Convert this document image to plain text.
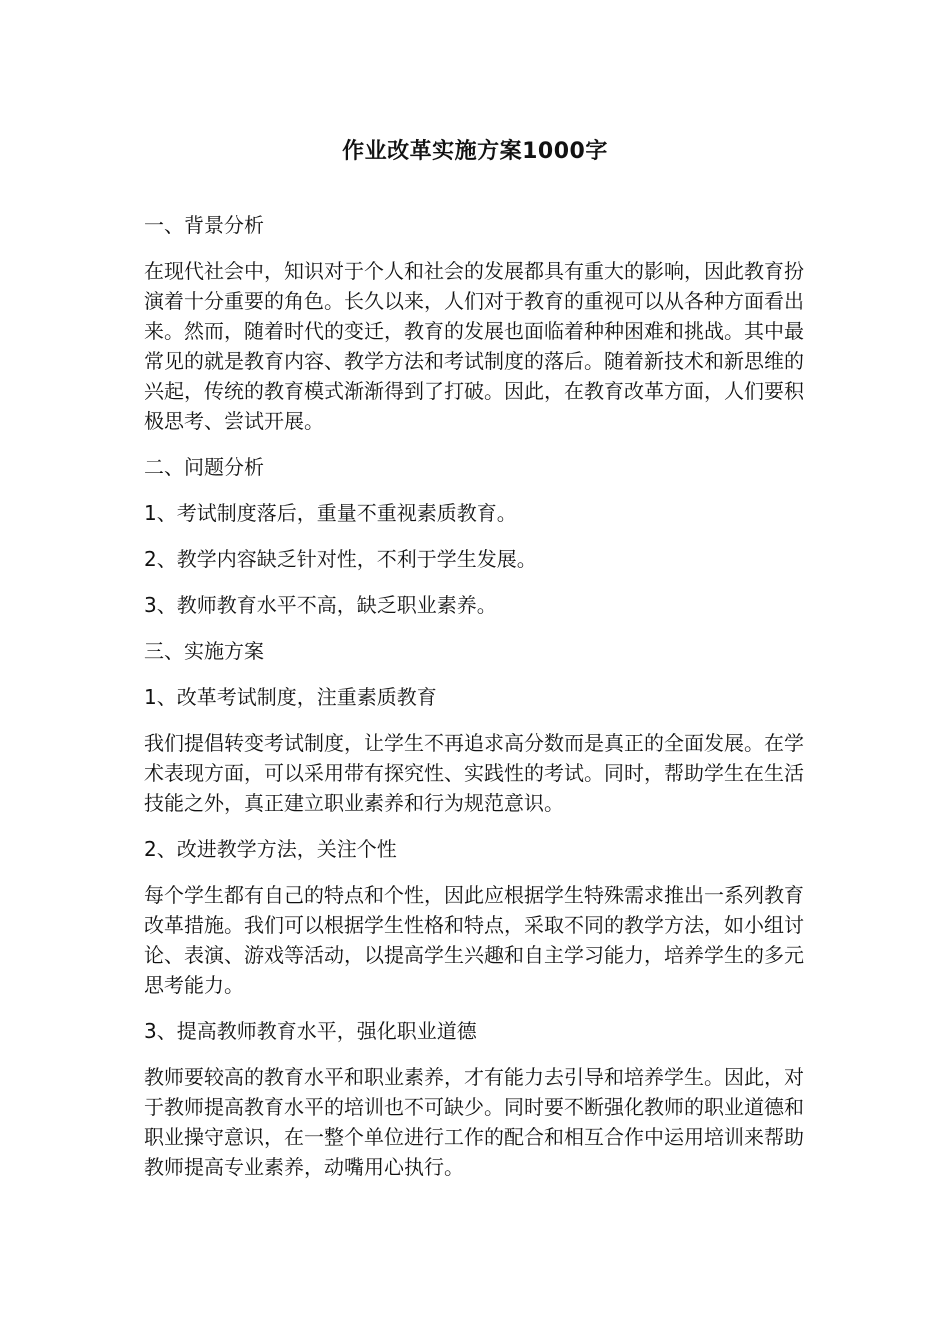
作业改革实施方案1000字

一、背景分析

在现代社会中，知识对于个人和社会的发展都具有重大的影响，因此教育扮演着十分重要的角色。长久以来，人们对于教育的重视可以从各种方面看出来。然而，随着时代的变迁，教育的发展也面临着种种困难和挑战。其中最常见的就是教育内容、教学方法和考试制度的落后。随着新技术和新思维的兴起，传统的教育模式渐渐得到了打破。因此，在教育改革方面，人们要积极思考、尝试开展。

二、问题分析

1、考试制度落后，重量不重视素质教育。

2、教学内容缺乏针对性，不利于学生发展。

3、教师教育水平不高，缺乏职业素养。

三、实施方案

1、改革考试制度，注重素质教育

我们提倡转变考试制度，让学生不再追求高分数而是真正的全面发展。在学术表现方面，可以采用带有探究性、实践性的考试。同时，帮助学生在生活技能之外，真正建立职业素养和行为规范意识。

2、改进教学方法，关注个性

每个学生都有自己的特点和个性，因此应根据学生特殊需求推出一系列教育改革措施。我们可以根据学生性格和特点，采取不同的教学方法，如小组讨论、表演、游戏等活动，以提高学生兴趣和自主学习能力，培养学生的多元思考能力。

3、提高教师教育水平，强化职业道德

教师要较高的教育水平和职业素养，才有能力去引导和培养学生。因此，对于教师提高教育水平的培训也不可缺少。同时要不断强化教师的职业道德和职业操守意识，在一整个单位进行工作的配合和相互合作中运用培训来帮助教师提高专业素养，动嘴用心执行。
